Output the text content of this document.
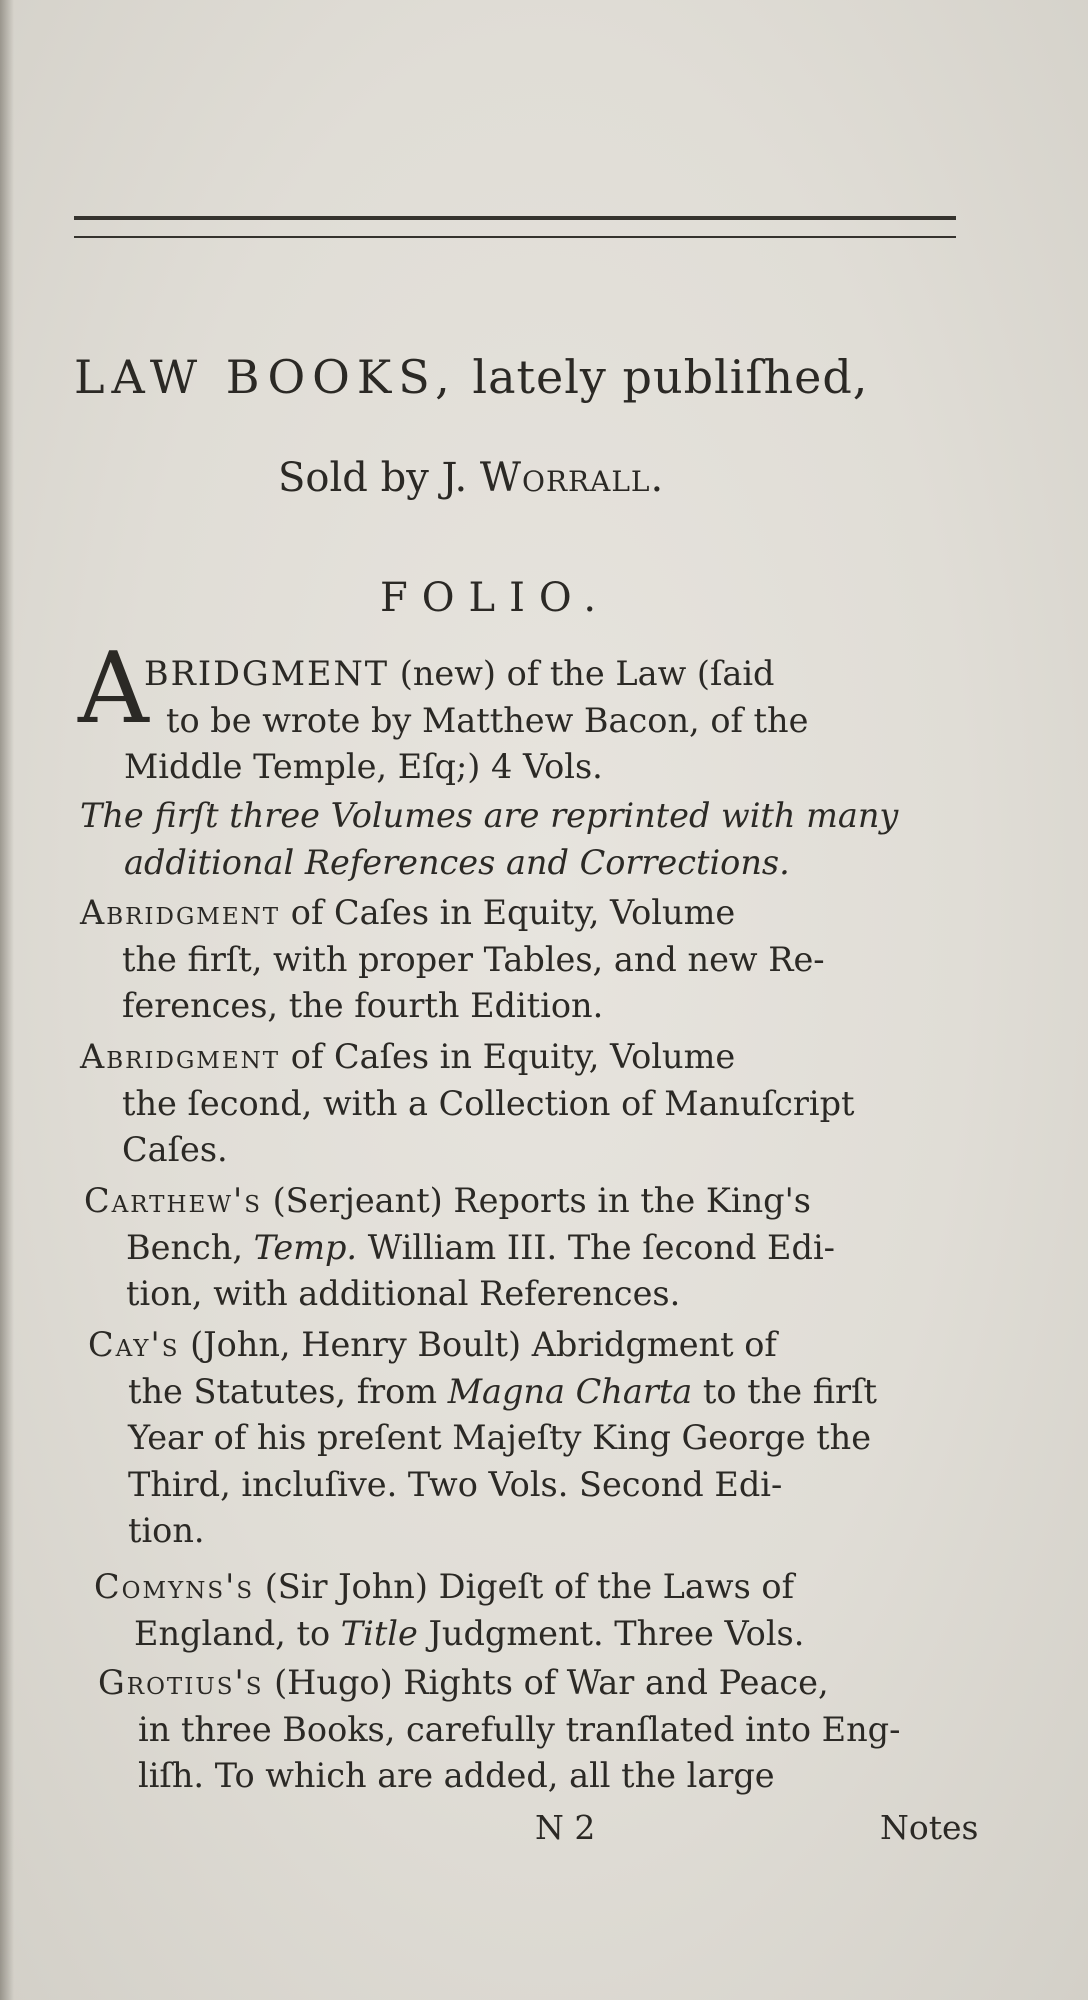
LAW BOOKS, lately publiſhed,
Sold by J. Worrall.
FOLIO.
A
BRIDGMENT (new) of the Law (ſaid
to be wrote by Matthew Bacon, of the
Middle Temple, Eſq;) 4 Vols.
The firſt three Volumes are reprinted with many
additional References and Corrections.
Abridgment of Caſes in Equity, Volume
the firſt, with proper Tables, and new Re-
ferences, the fourth Edition.
Abridgment of Caſes in Equity, Volume
the ſecond, with a Collection of Manuſcript
Caſes.
Carthew's (Serjeant) Reports in the King's
Bench, Temp. William III. The ſecond Edi-
tion, with additional References.
Cay's (John, Henry Boult) Abridgment of
the Statutes, from Magna Charta to the firſt
Year of his preſent Majeſty King George the
Third, incluſive. Two Vols. Second Edi-
tion.
Comyns's (Sir John) Digeſt of the Laws of
England, to Title Judgment. Three Vols.
Grotius's (Hugo) Rights of War and Peace,
in three Books, carefully tranſlated into Eng-
liſh. To which are added, all the large
N 2	Notes
